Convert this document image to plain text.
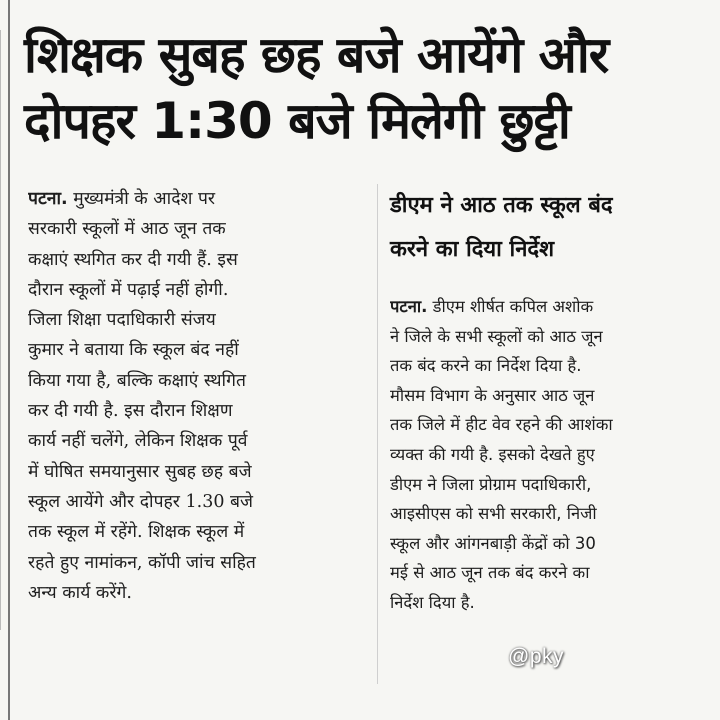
शिक्षक सुबह छह बजे आयेंगे और
दोपहर 1:30 बजे मिलेगी छुट्टी
पटना. मुख्यमंत्री के आदेश पर
सरकारी स्कूलों में आठ जून तक
कक्षाएं स्थगित कर दी गयी हैं. इस
दौरान स्कूलों में पढ़ाई नहीं होगी.
जिला शिक्षा पदाधिकारी संजय
कुमार ने बताया कि स्कूल बंद नहीं
किया गया है, बल्कि कक्षाएं स्थगित
कर दी गयी है. इस दौरान शिक्षण
कार्य नहीं चलेंगे, लेकिन शिक्षक पूर्व
में घोषित समयानुसार सुबह छह बजे
स्कूल आयेंगे और दोपहर 1.30 बजे
तक स्कूल में रहेंगे. शिक्षक स्कूल में
रहते हुए नामांकन, कॉपी जांच सहित
अन्य कार्य करेंगे.
डीएम ने आठ तक स्कूल बंद
करने का दिया निर्देश
पटना. डीएम शीर्षत कपिल अशोक
ने जिले के सभी स्कूलों को आठ जून
तक बंद करने का निर्देश दिया है.
मौसम विभाग के अनुसार आठ जून
तक जिले में हीट वेव रहने की आशंका
व्यक्त की गयी है. इसको देखते हुए
डीएम ने जिला प्रोग्राम पदाधिकारी,
आइसीएस को सभी सरकारी, निजी
स्कूल और आंगनबाड़ी केंद्रों को 30
मई से आठ जून तक बंद करने का
निर्देश दिया है.
@pky
